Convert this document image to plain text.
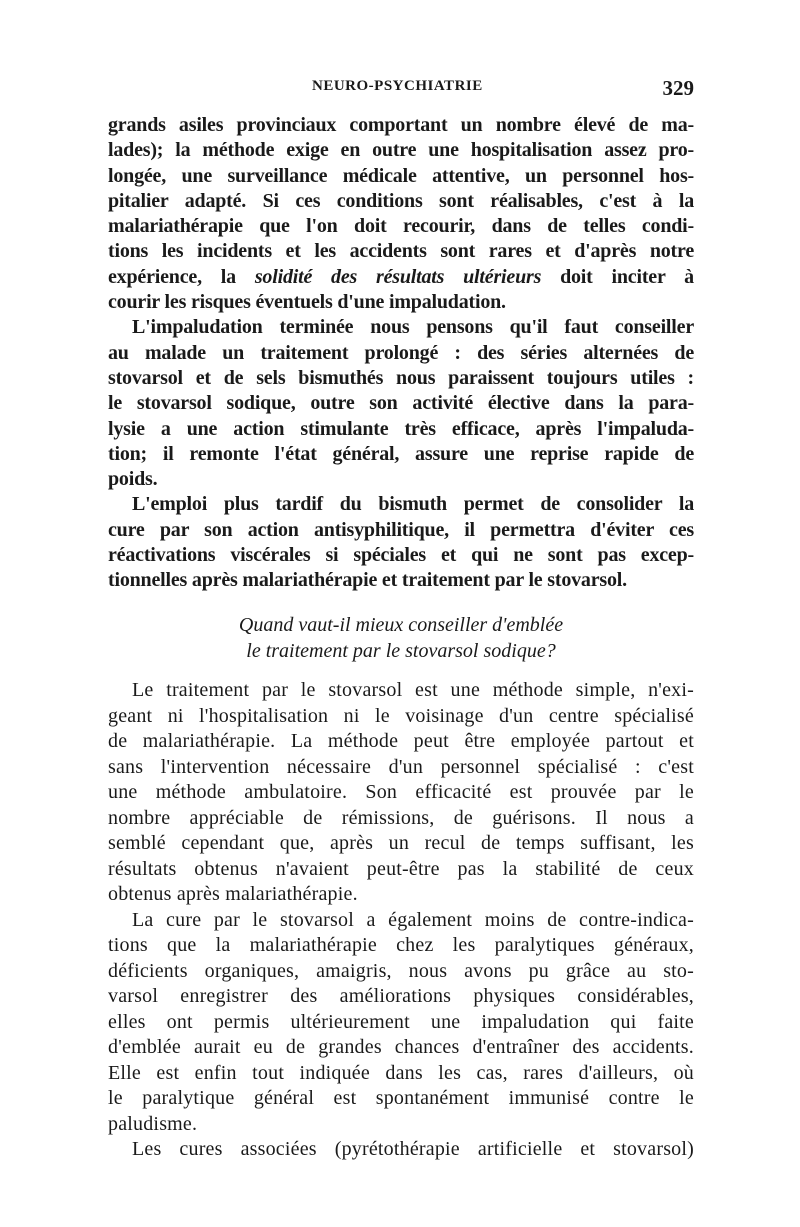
NEURO-PSYCHIATRIE	329
grands asiles provinciaux comportant un nombre élevé de ma-
lades); la méthode exige en outre une hospitalisation assez pro-
longée, une surveillance médicale attentive, un personnel hos-
pitalier adapté. Si ces conditions sont réalisables, c'est à la
malariathérapie que l'on doit recourir, dans de telles condi-
tions les incidents et les accidents sont rares et d'après notre
expérience, la solidité des résultats ultérieurs doit inciter à
courir les risques éventuels d'une impaludation.
L'impaludation terminée nous pensons qu'il faut conseiller
au malade un traitement prolongé : des séries alternées de
stovarsol et de sels bismuthés nous paraissent toujours utiles :
le stovarsol sodique, outre son activité élective dans la para-
lysie a une action stimulante très efficace, après l'impaluda-
tion; il remonte l'état général, assure une reprise rapide de
poids.
L'emploi plus tardif du bismuth permet de consolider la
cure par son action antisyphilitique, il permettra d'éviter ces
réactivations viscérales si spéciales et qui ne sont pas excep-
tionnelles après malariathérapie et traitement par le stovarsol.
Quand vaut-il mieux conseiller d'emblée
le traitement par le stovarsol sodique?
Le traitement par le stovarsol est une méthode simple, n'exi-
geant ni l'hospitalisation ni le voisinage d'un centre spécialisé
de malariathérapie. La méthode peut être employée partout et
sans l'intervention nécessaire d'un personnel spécialisé : c'est
une méthode ambulatoire. Son efficacité est prouvée par le
nombre appréciable de rémissions, de guérisons. Il nous a
semblé cependant que, après un recul de temps suffisant, les
résultats obtenus n'avaient peut-être pas la stabilité de ceux
obtenus après malariathérapie.
La cure par le stovarsol a également moins de contre-indica-
tions que la malariathérapie chez les paralytiques généraux,
déficients organiques, amaigris, nous avons pu grâce au sto-
varsol enregistrer des améliorations physiques considérables,
elles ont permis ultérieurement une impaludation qui faite
d'emblée aurait eu de grandes chances d'entraîner des accidents.
Elle est enfin tout indiquée dans les cas, rares d'ailleurs, où
le paralytique général est spontanément immunisé contre le
paludisme.
Les cures associées (pyrétothérapie artificielle et stovarsol)
